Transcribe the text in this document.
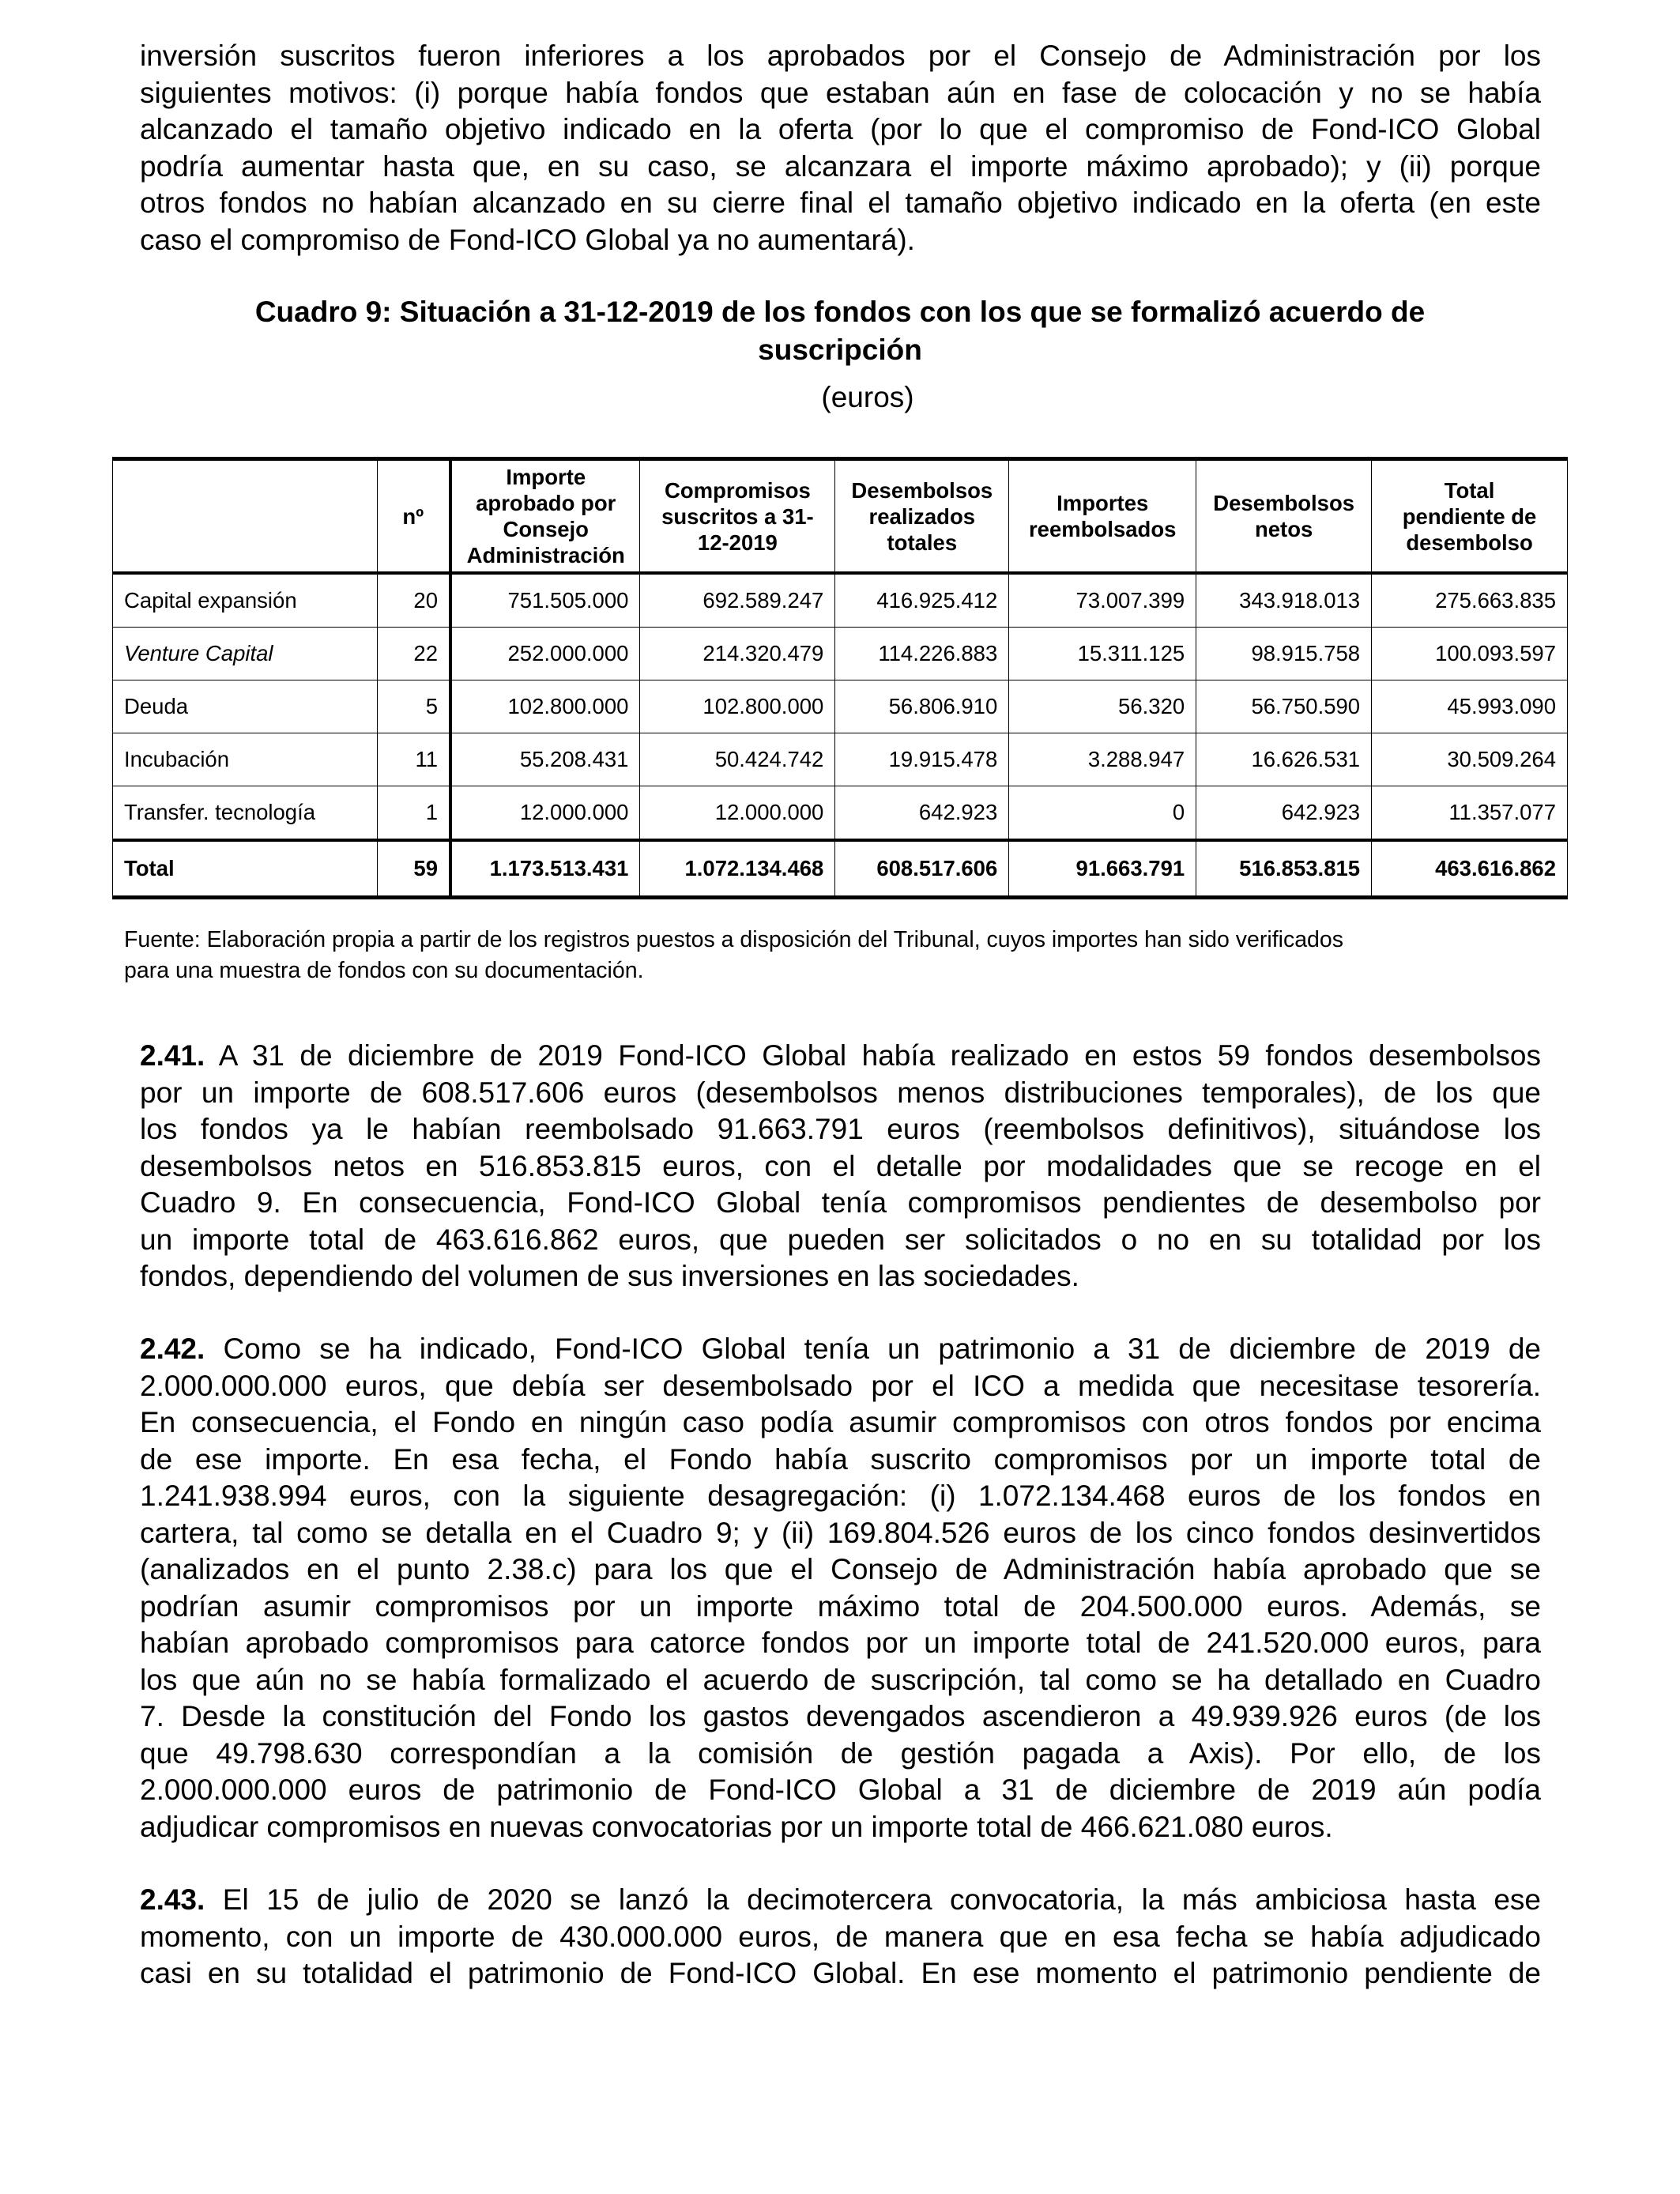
inversión suscritos fueron inferiores a los aprobados por el Consejo de Administración por los
siguientes motivos: (i) porque había fondos que estaban aún en fase de colocación y no se había
alcanzado el tamaño objetivo indicado en la oferta (por lo que el compromiso de Fond-ICO Global
podría aumentar hasta que, en su caso, se alcanzara el importe máximo aprobado); y (ii) porque
otros fondos no habían alcanzado en su cierre final el tamaño objetivo indicado en la oferta (en este
caso el compromiso de Fond-ICO Global ya no aumentará).
Cuadro 9: Situación a 31-12-2019 de los fondos con los que se formalizó acuerdo de
suscripción
(euros)
	nº	Importe
aprobado por
Consejo
Administración	Compromisos
suscritos a 31-
12-2019	Desembolsos
realizados
totales	Importes
reembolsados	Desembolsos
netos	Total
pendiente de
desembolso
Capital expansión	20	751.505.000	692.589.247	416.925.412	73.007.399	343.918.013	275.663.835
Venture Capital	22	252.000.000	214.320.479	114.226.883	15.311.125	98.915.758	100.093.597
Deuda	5	102.800.000	102.800.000	56.806.910	56.320	56.750.590	45.993.090
Incubación	11	55.208.431	50.424.742	19.915.478	3.288.947	16.626.531	30.509.264
Transfer. tecnología	1	12.000.000	12.000.000	642.923	0	642.923	11.357.077
Total	59	1.173.513.431	1.072.134.468	608.517.606	91.663.791	516.853.815	463.616.862
Fuente: Elaboración propia a partir de los registros puestos a disposición del Tribunal, cuyos importes han sido verificados
para una muestra de fondos con su documentación.
2.41. A 31 de diciembre de 2019 Fond-ICO Global había realizado en estos 59 fondos desembolsos
por un importe de 608.517.606 euros (desembolsos menos distribuciones temporales), de los que
los fondos ya le habían reembolsado 91.663.791 euros (reembolsos definitivos), situándose los
desembolsos netos en 516.853.815 euros, con el detalle por modalidades que se recoge en el
Cuadro 9. En consecuencia, Fond-ICO Global tenía compromisos pendientes de desembolso por
un importe total de 463.616.862 euros, que pueden ser solicitados o no en su totalidad por los
fondos, dependiendo del volumen de sus inversiones en las sociedades.
2.42. Como se ha indicado, Fond-ICO Global tenía un patrimonio a 31 de diciembre de 2019 de
2.000.000.000 euros, que debía ser desembolsado por el ICO a medida que necesitase tesorería.
En consecuencia, el Fondo en ningún caso podía asumir compromisos con otros fondos por encima
de ese importe. En esa fecha, el Fondo había suscrito compromisos por un importe total de
1.241.938.994 euros, con la siguiente desagregación: (i) 1.072.134.468 euros de los fondos en
cartera, tal como se detalla en el Cuadro 9; y (ii) 169.804.526 euros de los cinco fondos desinvertidos
(analizados en el punto 2.38.c) para los que el Consejo de Administración había aprobado que se
podrían asumir compromisos por un importe máximo total de 204.500.000 euros. Además, se
habían aprobado compromisos para catorce fondos por un importe total de 241.520.000 euros, para
los que aún no se había formalizado el acuerdo de suscripción, tal como se ha detallado en Cuadro
7. Desde la constitución del Fondo los gastos devengados ascendieron a 49.939.926 euros (de los
que 49.798.630 correspondían a la comisión de gestión pagada a Axis). Por ello, de los
2.000.000.000 euros de patrimonio de Fond-ICO Global a 31 de diciembre de 2019 aún podía
adjudicar compromisos en nuevas convocatorias por un importe total de 466.621.080 euros.
2.43. El 15 de julio de 2020 se lanzó la decimotercera convocatoria, la más ambiciosa hasta ese
momento, con un importe de 430.000.000 euros, de manera que en esa fecha se había adjudicado
casi en su totalidad el patrimonio de Fond-ICO Global. En ese momento el patrimonio pendiente de
